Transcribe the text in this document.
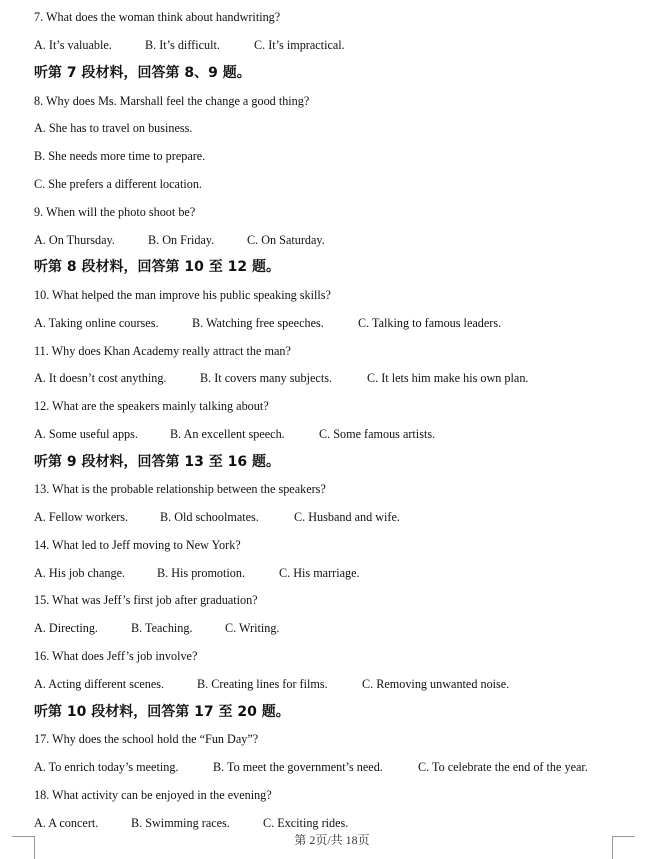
7. What does the woman think about handwriting?
A. It’s valuable.	B. It’s difficult.	C. It’s impractical.
听第 7 段材料，回答第 8、9 题。
8. Why does Ms. Marshall feel the change a good thing?
A. She has to travel on business.
B. She needs more time to prepare.
C. She prefers a different location.
9. When will the photo shoot be?
A. On Thursday.	B. On Friday.	C. On Saturday.
听第 8 段材料，回答第 10 至 12 题。
10. What helped the man improve his public speaking skills?
A. Taking online courses.	B. Watching free speeches.	C. Talking to famous leaders.
11. Why does Khan Academy really attract the man?
A. It doesn’t cost anything.	B. It covers many subjects.	C. It lets him make his own plan.
12. What are the speakers mainly talking about?
A. Some useful apps.	B. An excellent speech.	C. Some famous artists.
听第 9 段材料，回答第 13 至 16 题。
13. What is the probable relationship between the speakers?
A. Fellow workers.	B. Old schoolmates.	C. Husband and wife.
14. What led to Jeff moving to New York?
A. His job change.	B. His promotion.	C. His marriage.
15. What was Jeff’s first job after graduation?
A. Directing.	B. Teaching.	C. Writing.
16. What does Jeff’s job involve?
A. Acting different scenes.	B. Creating lines for films.	C. Removing unwanted noise.
听第 10 段材料，回答第 17 至 20 题。
17. Why does the school hold the “Fun Day”?
A. To enrich today’s meeting.	B. To meet the government’s need.	C. To celebrate the end of the year.
18. What activity can be enjoyed in the evening?
A. A concert.	B. Swimming races.	C. Exciting rides.
第 2页/共 18页
